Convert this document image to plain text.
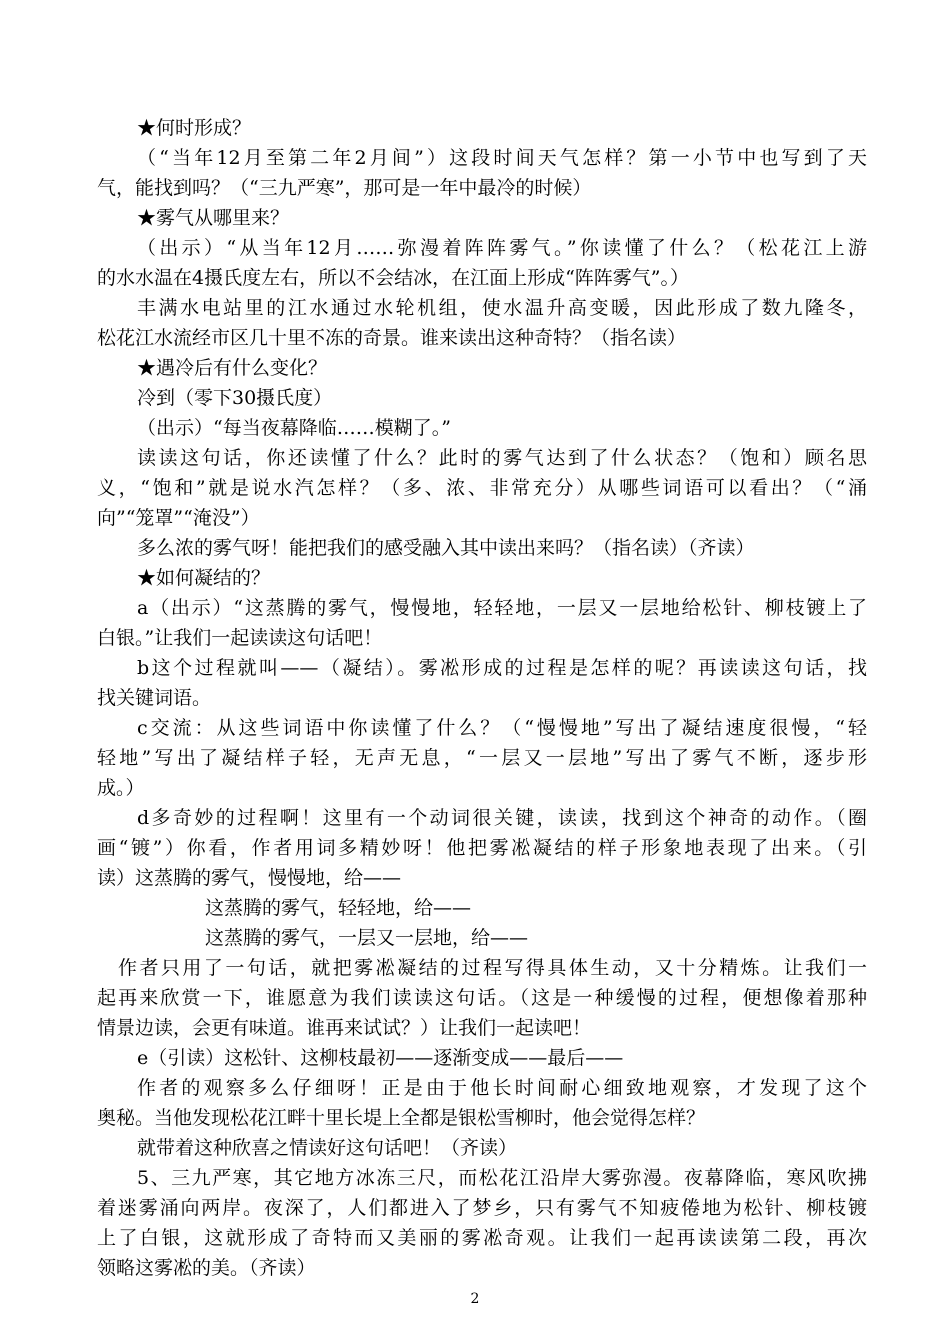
★何时形成？
（“当年12月至第二年2月间”）这段时间天气怎样？第一小节中也写到了天
气，能找到吗？（“三九严寒”，那可是一年中最冷的时候）
★雾气从哪里来？
（出示）“从当年12月……弥漫着阵阵雾气。”你读懂了什么？（松花江上游
的水水温在4摄氏度左右，所以不会结冰，在江面上形成“阵阵雾气”。）
丰满水电站里的江水通过水轮机组，使水温升高变暖，因此形成了数九隆冬，
松花江水流经市区几十里不冻的奇景。谁来读出这种奇特？（指名读）
★遇冷后有什么变化？
冷到（零下30摄氏度）
（出示）“每当夜幕降临……模糊了。”
读读这句话，你还读懂了什么？此时的雾气达到了什么状态？（饱和）顾名思
义，“饱和”就是说水汽怎样？（多、浓、非常充分）从哪些词语可以看出？（“涌
向”“笼罩”“淹没”）
多么浓的雾气呀！能把我们的感受融入其中读出来吗？（指名读）（齐读）
★如何凝结的？
a（出示）“这蒸腾的雾气，慢慢地，轻轻地，一层又一层地给松针、柳枝镀上了
白银。”让我们一起读读这句话吧！
b这个过程就叫——（凝结）。雾凇形成的过程是怎样的呢？再读读这句话，找
找关键词语。
c交流：从这些词语中你读懂了什么？（“慢慢地”写出了凝结速度很慢，“轻
轻地”写出了凝结样子轻，无声无息，“一层又一层地”写出了雾气不断，逐步形
成。）
d多奇妙的过程啊！这里有一个动词很关键，读读，找到这个神奇的动作。（圈
画“镀”）你看，作者用词多精妙呀！他把雾凇凝结的样子形象地表现了出来。（引
读）这蒸腾的雾气，慢慢地，给——
这蒸腾的雾气，轻轻地，给——
这蒸腾的雾气，一层又一层地，给——
作者只用了一句话，就把雾凇凝结的过程写得具体生动，又十分精炼。让我们一
起再来欣赏一下，谁愿意为我们读读这句话。（这是一种缓慢的过程，便想像着那种
情景边读，会更有味道。谁再来试试？）让我们一起读吧！
e（引读）这松针、这柳枝最初——逐渐变成——最后——
作者的观察多么仔细呀！正是由于他长时间耐心细致地观察，才发现了这个
奥秘。当他发现松花江畔十里长堤上全都是银松雪柳时，他会觉得怎样？
就带着这种欣喜之情读好这句话吧！（齐读）
5、三九严寒，其它地方冰冻三尺，而松花江沿岸大雾弥漫。夜幕降临，寒风吹拂
着迷雾涌向两岸。夜深了，人们都进入了梦乡，只有雾气不知疲倦地为松针、柳枝镀
上了白银，这就形成了奇特而又美丽的雾凇奇观。让我们一起再读读第二段，再次
领略这雾凇的美。（齐读）
2
